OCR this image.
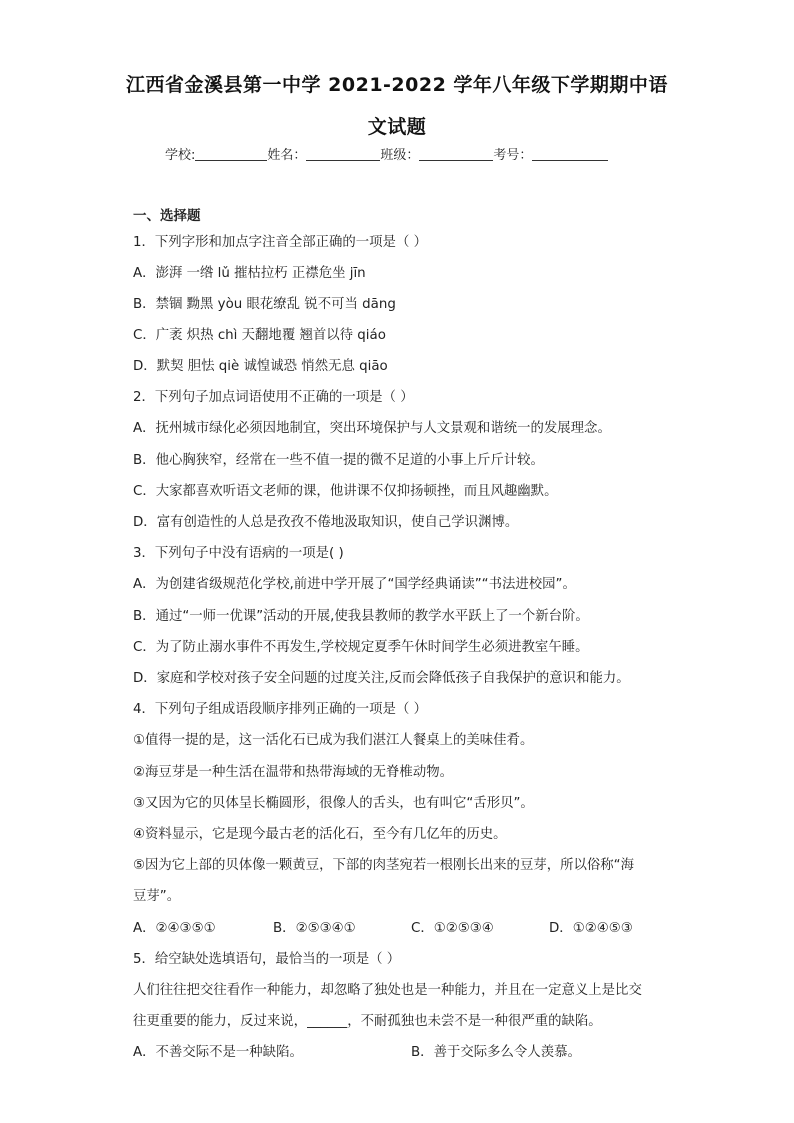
江西省金溪县第一中学 2021-2022 学年八年级下学期期中语
文试题
学校:	姓名：	班级：	考号：
一、选择题
1．下列字形和加点字注音全部正确的一项是（ ）
A．澎湃 一绺 lǔ 摧枯拉朽 正襟危坐 jīn
B．禁锢 黝黑 yòu 眼花缭乱 锐不可当 dāng
C．广袤 炽热 chì 天翻地覆 翘首以待 qiáo
D．默契 胆怯 qiè 诚惶诚恐 悄然无息 qiāo
2．下列句子加点词语使用不正确的一项是（ ）
A．抚州城市绿化必须因地制宜，突出环境保护与人文景观和谐统一的发展理念。
B．他心胸狭窄，经常在一些不值一提的微不足道的小事上斤斤计较。
C．大家都喜欢听语文老师的课，他讲课不仅抑扬顿挫，而且风趣幽默。
D．富有创造性的人总是孜孜不倦地汲取知识，使自己学识渊博。
3．下列句子中没有语病的一项是( )
A．为创建省级规范化学校,前进中学开展了“国学经典诵读”“书法进校园”。
B．通过“一师一优课”活动的开展,使我县教师的教学水平跃上了一个新台阶。
C．为了防止溺水事件不再发生,学校规定夏季午休时间学生必须进教室午睡。
D．家庭和学校对孩子安全问题的过度关注,反而会降低孩子自我保护的意识和能力。
4．下列句子组成语段顺序排列正确的一项是（ ）
①值得一提的是，这一活化石已成为我们湛江人餐桌上的美味佳肴。
②海豆芽是一种生活在温带和热带海域的无脊椎动物。
③又因为它的贝体呈长椭圆形，很像人的舌头，也有叫它“舌形贝”。
④资料显示，它是现今最古老的活化石，至今有几亿年的历史。
⑤因为它上部的贝体像一颗黄豆，下部的肉茎宛若一根刚长出来的豆芽，所以俗称“海
豆芽”。
A．②④③⑤①	B．②⑤③④①	C．①②⑤③④	D．①②④⑤③
5．给空缺处选填语句，最恰当的一项是（ ）
人们往往把交往看作一种能力，却忽略了独处也是一种能力，并且在一定意义上是比交
往更重要的能力，反过来说，______，不耐孤独也未尝不是一种很严重的缺陷。
A．不善交际不是一种缺陷。	B．善于交际多么令人羡慕。
